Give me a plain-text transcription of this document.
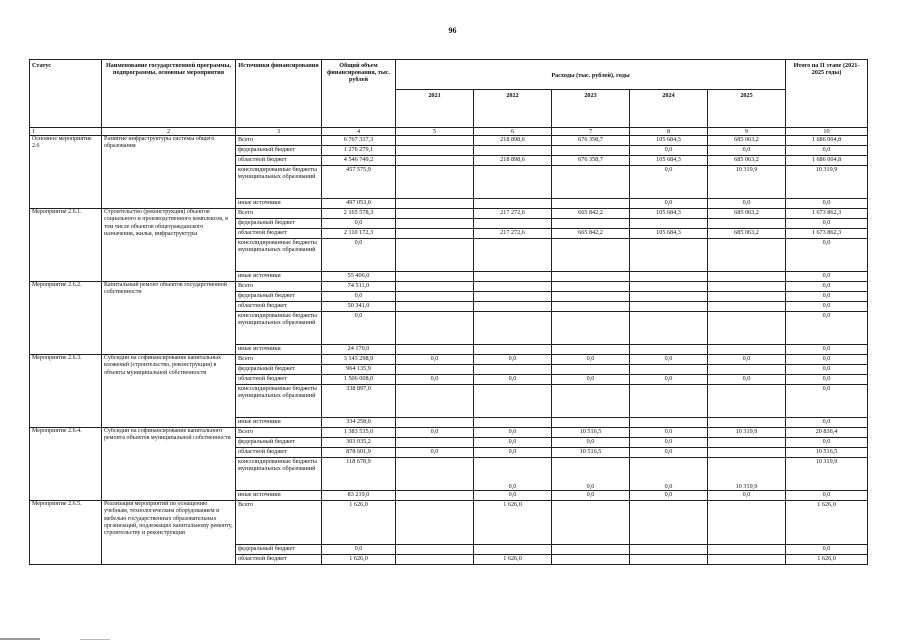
96
Статус	Наименование государственной программы, подпрограммы, основные мероприятия	Источники финансирования	Общий объем финансирования, тыс. рублей	Расходы (тыс. рублей), годы					Итого на II этапе (2021-2025 годы)
				2021	2022	2023	2024	2025	
1	2	3	4	5	6	7	8	9	10
Основное мероприятие 2.6	Развитие инфраструктуры системы общего образования	Всего	6 767 337,3		218 898,6	676 358,7	105 684,3	685 063,2	1 686 004,8
		федеральный бюджет	1 276 279,1				0,0	0,0	0,0
		областной бюджет	4 546 749,2		218 898,6	676 358,7	105 684,3	685 063,2	1 686 004,8
		консолидированные бюджеты муниципальных образований	457 575,9				0,0	10 319,9	10 319,9
		иные источники	497 053,0				0,0	0,0	0,0
Мероприятие 2.6.1.	Строительство (реконструкция) объектов социального и производственного комплексов, в том числе объектов общегражданского назначения, жилья, инфраструктуры	Всего	2 165 578,3		217 272,6	665 842,2	105 684,3	685 063,2	1 673 862,3
		федеральный бюджет	0,0						0,0
		областной бюджет	2 110 172,3		217 272,6	665 842,2	105 684,3	685 063,2	1 673 862,3
		консолидированные бюджеты муниципальных образований	0,0						0,0
		иные источники	55 406,0						0,0
Мероприятие 2.6.2.	Капитальный ремонт объектов государственной собственности	Всего	74 511,0						0,0
		федеральный бюджет	0,0						0,0
		областной бюджет	50 341,0						0,0
		консолидированные бюджеты муниципальных образований	0,0						0,0
		иные источники	24 170,0						0,0
Мероприятие 2.6.3.	Субсидии на софинансирование капитальных вложений (строительство, реконструкция) в объекты муниципальной собственности	Всего	3 143 298,9	0,0	0,0	0,0	0,0	0,0	0,0
		федеральный бюджет	964 135,9						0,0
		областной бюджет	1 506 008,0	0,0	0,0	0,0	0,0	0,0	0,0
		консолидированные бюджеты муниципальных образований	338 897,0						0,0
		иные источники	334 258,0						0,0
Мероприятие 2.6.4.	Субсидии на софинансирование капитального ремонта объектов муниципальной собственности	Всего	1 383 535,0	0,0	0,0	10 516,5	0,0	10 319,9	20 836,4
		федеральный бюджет	303 035,2		0,0	0,0	0,0		0,0
		областной бюджет	878 601,9	0,0	0,0	10 516,5	0,0		10 516,5
		консолидированные бюджеты муниципальных образований	118 678,9		0,0	0,0	0,0	10 319,9	10 319,9
		иные источники	83 219,0		0,0	0,0	0,0	0,0	0,0
Мероприятие 2.6.5.	Реализация мероприятий по оснащению учебным, технологическим оборудованием и мебелью государственных образовательных организаций, подлежащих капитальному ремонту, строительству и реконструкции	Всего	1 626,0		1 626,0				1 626,0
		федеральный бюджет	0,0						0,0
		областной бюджет	1 626,0		1 626,0				1 626,0
